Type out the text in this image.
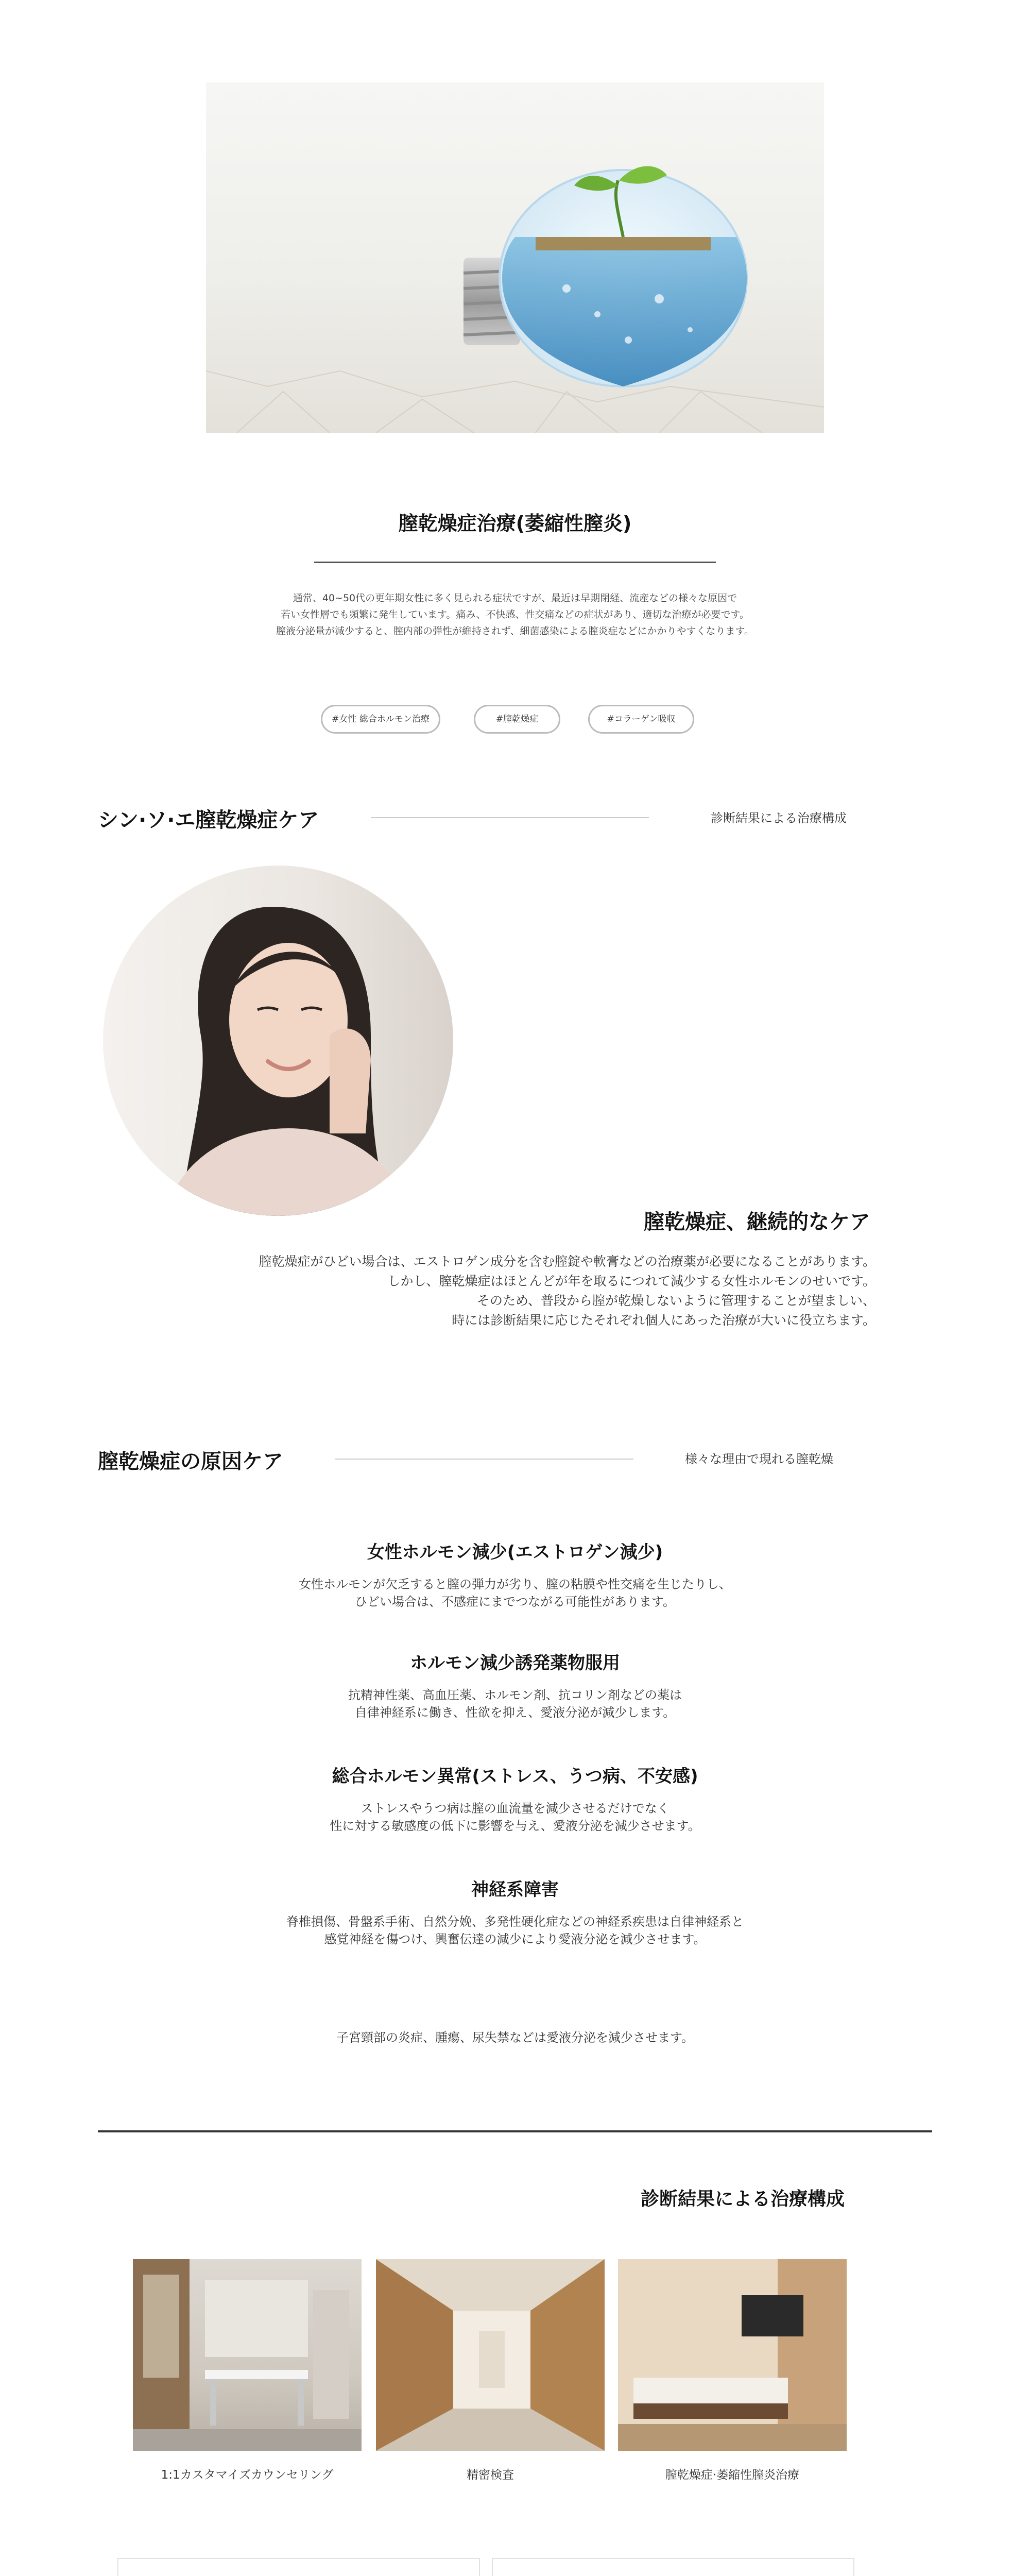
膣乾燥症治療(萎縮性膣炎)

通常、40~50代の更年期女性に多く見られる症状ですが、最近は早期閉経、流産などの様々な原因で

若い女性層でも頻繁に発生しています。痛み、不快感、性交痛などの症状があり、適切な治療が必要です。

膣液分泌量が減少すると、膣内部の弾性が維持されず、細菌感染による膣炎症などにかかりやすくなります。

#女性 総合ホルモン治療	#膣乾燥症	#コラーゲン吸収
シン·ソ·エ膣乾燥症ケア	診断結果による治療構成
膣乾燥症、継続的なケア

膣乾燥症がひどい場合は、エストロゲン成分を含む膣錠や軟膏などの治療薬が必要になることがあります。

しかし、膣乾燥症はほとんどが年を取るにつれて減少する女性ホルモンのせいです。

そのため、普段から膣が乾燥しないように管理することが望ましい、

時には診断結果に応じたそれぞれ個人にあった治療が大いに役立ちます。

膣乾燥症の原因ケア	様々な理由で現れる膣乾燥
女性ホルモン減少(エストロゲン減少)

女性ホルモンが欠乏すると膣の弾力が劣り、膣の粘膜や性交痛を生じたりし、

ひどい場合は、不感症にまでつながる可能性があります。

ホルモン減少誘発薬物服用

抗精神性薬、高血圧薬、ホルモン剤、抗コリン剤などの薬は

自律神経系に働き、性欲を抑え、愛液分泌が減少します。

総合ホルモン異常(ストレス、うつ病、不安感)

ストレスやうつ病は膣の血流量を減少させるだけでなく

性に対する敏感度の低下に影響を与え、愛液分泌を減少させます。

神経系障害

脊椎損傷、骨盤系手術、自然分娩、多発性硬化症などの神経系疾患は自律神経系と

感覚神経を傷つけ、興奮伝達の減少により愛液分泌を減少させます。

子宮頸部の炎症、腫瘍、尿失禁などは愛液分泌を減少させます。
診断結果による治療構成
1:1カスタマイズカウンセリング	精密検査	膣乾燥症·萎縮性膣炎治療
